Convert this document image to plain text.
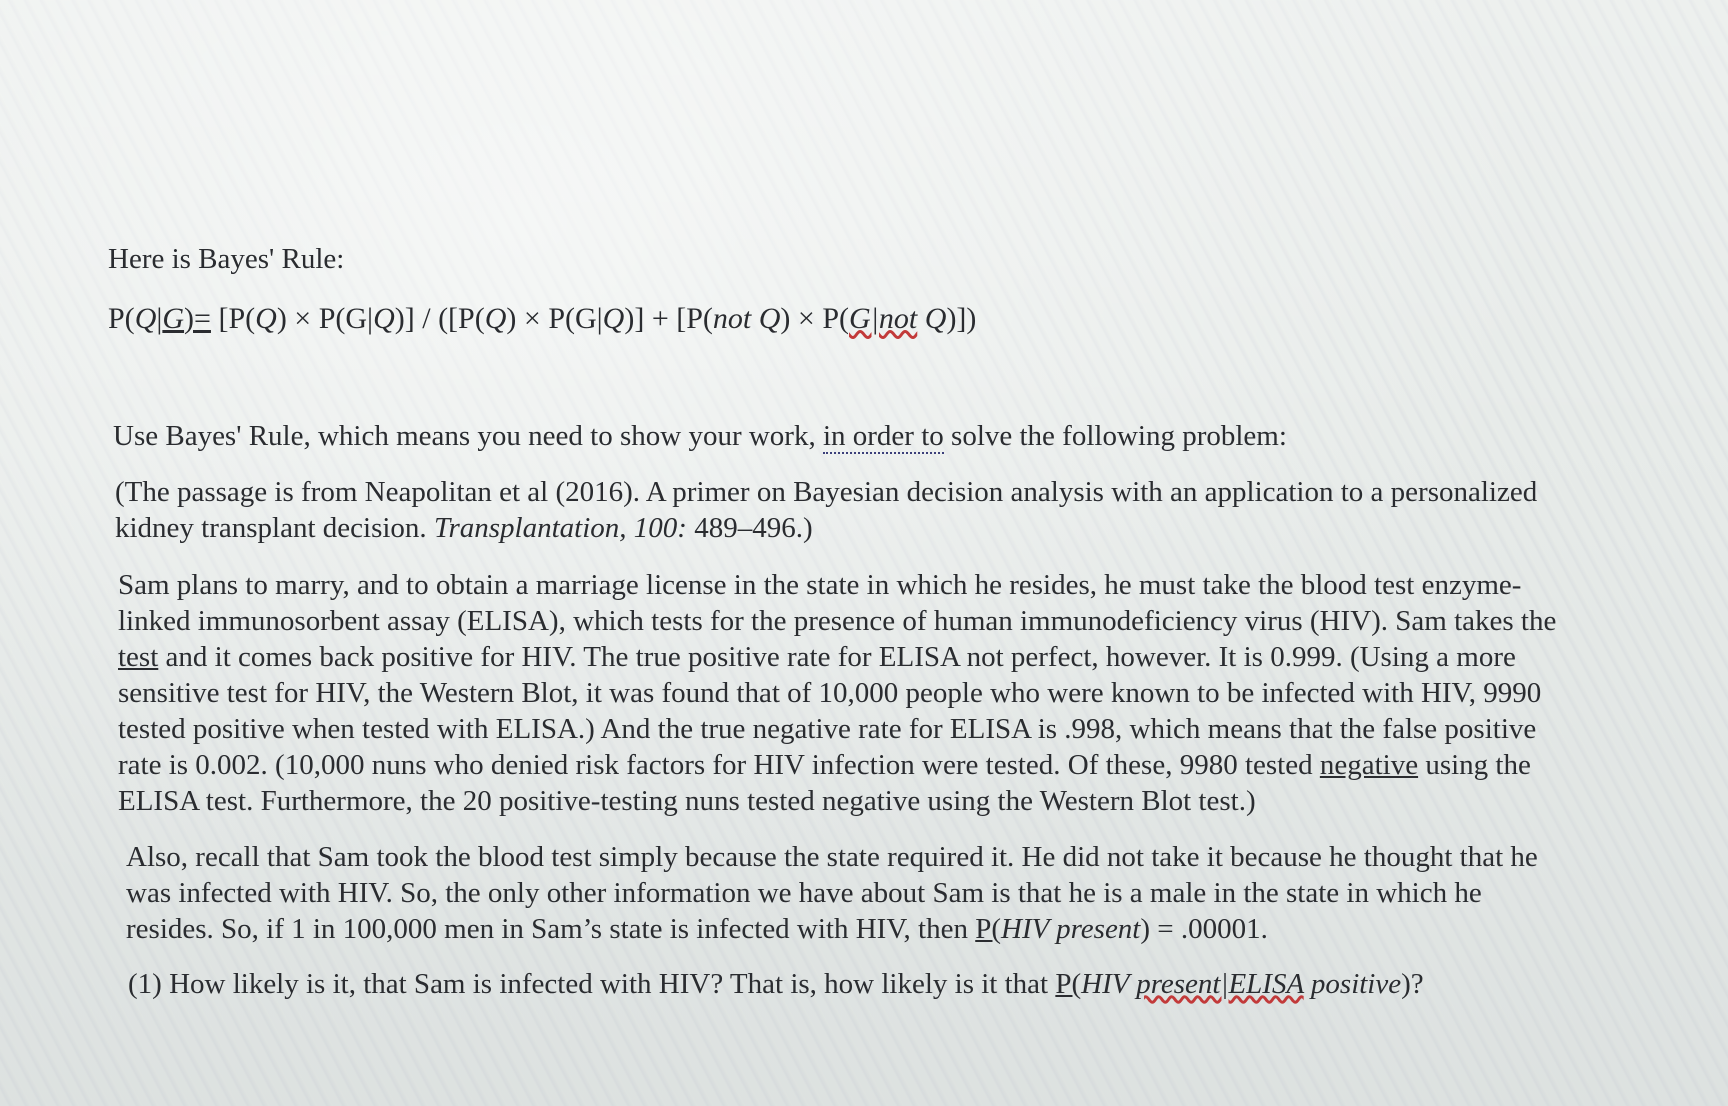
Here is Bayes' Rule:
P(Q|G)= [P(Q) × P(G|Q)] / ([P(Q) × P(G|Q)] + [P(not Q) × P(G|not Q)])
Use Bayes' Rule, which means you need to show your work, in order to solve the following problem:
(The passage is from Neapolitan et al (2016). A primer on Bayesian decision analysis with an application to a personalized
kidney transplant decision. Transplantation, 100: 489–496.)
Sam plans to marry, and to obtain a marriage license in the state in which he resides, he must take the blood test enzyme-
linked immunosorbent assay (ELISA), which tests for the presence of human immunodeficiency virus (HIV). Sam takes the
test and it comes back positive for HIV. The true positive rate for ELISA not perfect, however. It is 0.999. (Using a more
sensitive test for HIV, the Western Blot, it was found that of 10,000 people who were known to be infected with HIV, 9990
tested positive when tested with ELISA.) And the true negative rate for ELISA is .998, which means that the false positive
rate is 0.002. (10,000 nuns who denied risk factors for HIV infection were tested. Of these, 9980 tested negative using the
ELISA test. Furthermore, the 20 positive-testing nuns tested negative using the Western Blot test.)
Also, recall that Sam took the blood test simply because the state required it. He did not take it because he thought that he
was infected with HIV. So, the only other information we have about Sam is that he is a male in the state in which he
resides. So, if 1 in 100,000 men in Sam’s state is infected with HIV, then P(HIV present) = .00001.
(1) How likely is it, that Sam is infected with HIV? That is, how likely is it that P(HIV present|ELISA positive)?
